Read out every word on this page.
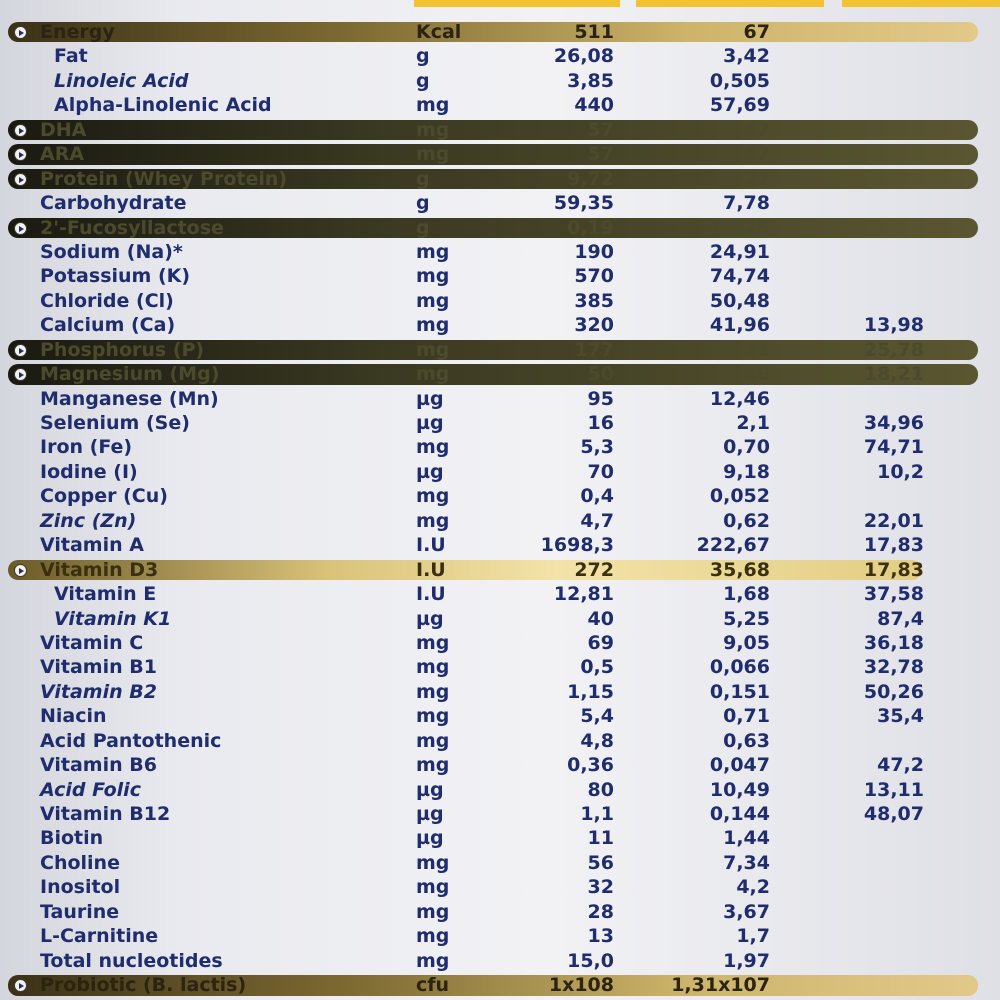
Energy	Kcal	511	67
Fat	g	26,08	3,42
Linoleic Acid	g	3,85	0,505
Alpha-Linolenic Acid	mg	440	57,69
DHA	mg	57	7,47
ARA	mg	57	7,47
Protein (Whey Protein)	g	9,72	1,27
Carbohydrate	g	59,35	7,78
2'-Fucosyllactose	g	0,19	0,025
Sodium (Na)*	mg	190	24,91
Potassium (K)	mg	570	74,74
Chloride (Cl)	mg	385	50,48
Calcium (Ca)	mg	320	41,96	13,98
Phosphorus (P)	mg	177	23,21	25,78
Magnesium (Mg)	mg	50	6,56	18,21
Manganese (Mn)	µg	95	12,46
Selenium (Se)	µg	16	2,1	34,96
Iron (Fe)	mg	5,3	0,70	74,71
Iodine (I)	µg	70	9,18	10,2
Copper (Cu)	mg	0,4	0,052
Zinc (Zn)	mg	4,7	0,62	22,01
Vitamin A	I.U	1698,3	222,67	17,83
Vitamin D3	I.U	272	35,68	17,83
Vitamin E	I.U	12,81	1,68	37,58
Vitamin K1	µg	40	5,25	87,4
Vitamin C	mg	69	9,05	36,18
Vitamin B1	mg	0,5	0,066	32,78
Vitamin B2	mg	1,15	0,151	50,26
Niacin	mg	5,4	0,71	35,4
Acid Pantothenic	mg	4,8	0,63
Vitamin B6	mg	0,36	0,047	47,2
Acid Folic	µg	80	10,49	13,11
Vitamin B12	µg	1,1	0,144	48,07
Biotin	µg	11	1,44
Choline	mg	56	7,34
Inositol	mg	32	4,2
Taurine	mg	28	3,67
L-Carnitine	mg	13	1,7
Total nucleotides	mg	15,0	1,97
Probiotic (B. lactis)	cfu	1x108	1,31x107
